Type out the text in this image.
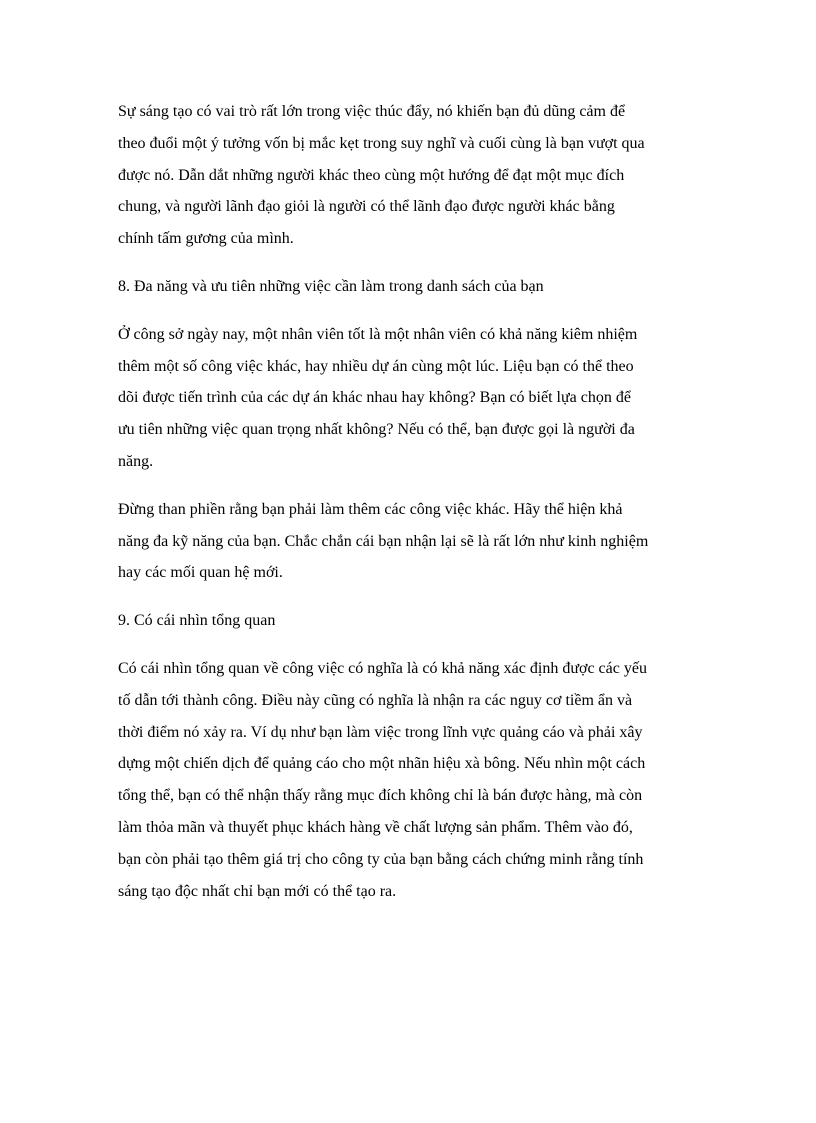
Sự sáng tạo có vai trò rất lớn trong việc thúc đẩy, nó khiến bạn đủ dũng cảm để
theo đuổi một ý tưởng vốn bị mắc kẹt trong suy nghĩ và cuối cùng là bạn vượt qua
được nó. Dẫn dắt những người khác theo cùng một hướng để đạt một mục đích
chung, và người lãnh đạo giỏi là người có thể lãnh đạo được người khác bằng
chính tấm gương của mình.

8. Đa năng và ưu tiên những việc cần làm trong danh sách của bạn

Ở công sở ngày nay, một nhân viên tốt là một nhân viên có khả năng kiêm nhiệm
thêm một số công việc khác, hay nhiều dự án cùng một lúc. Liệu bạn có thể theo
dõi được tiến trình của các dự án khác nhau hay không? Bạn có biết lựa chọn để
ưu tiên những việc quan trọng nhất không? Nếu có thể, bạn được gọi là người đa
năng.

Đừng than phiền rằng bạn phải làm thêm các công việc khác. Hãy thể hiện khả
năng đa kỹ năng của bạn. Chắc chắn cái bạn nhận lại sẽ là rất lớn như kinh nghiệm
hay các mối quan hệ mới.

9. Có cái nhìn tổng quan

Có cái nhìn tổng quan về công việc có nghĩa là có khả năng xác định được các yếu
tố dẫn tới thành công. Điều này cũng có nghĩa là nhận ra các nguy cơ tiềm ẩn và
thời điểm nó xảy ra. Ví dụ như bạn làm việc trong lĩnh vực quảng cáo và phải xây
dựng một chiến dịch để quảng cáo cho một nhãn hiệu xà bông. Nếu nhìn một cách
tổng thể, bạn có thể nhận thấy rằng mục đích không chỉ là bán được hàng, mà còn
làm thỏa mãn và thuyết phục khách hàng về chất lượng sản phẩm. Thêm vào đó,
bạn còn phải tạo thêm giá trị cho công ty của bạn bằng cách chứng minh rằng tính
sáng tạo độc nhất chỉ bạn mới có thể tạo ra.
